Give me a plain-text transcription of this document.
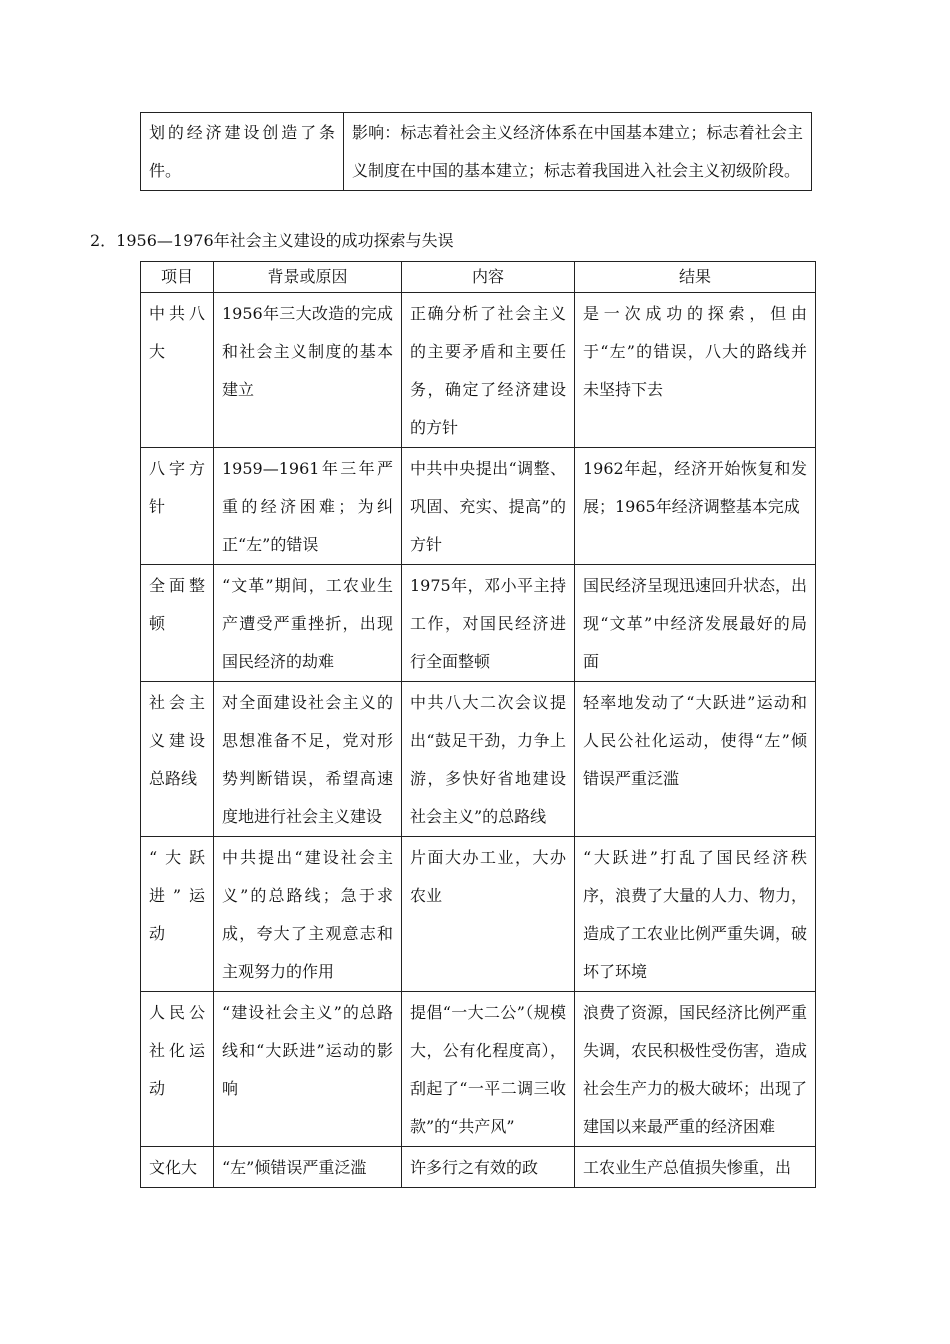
划的经济建设创造了条件。	影响：标志着社会主义经济体系在中国基本建立；标志着社会主义制度在中国的基本建立；标志着我国进入社会主义初级阶段。
2．1956—1976年社会主义建设的成功探索与失误
项目	背景或原因	内容	结果
中共八大	1956年三大改造的完成和社会主义制度的基本建立	正确分析了社会主义的主要矛盾和主要任务，确定了经济建设的方针	是一次成功的探索，但由于“左”的错误，八大的路线并未坚持下去
八字方针	1959—1961年三年严重的经济困难；为纠正“左”的错误	中共中央提出“调整、巩固、充实、提高”的方针	1962年起，经济开始恢复和发展；1965年经济调整基本完成
全面整顿	“文革”期间，工农业生产遭受严重挫折，出现国民经济的劫难	1975年，邓小平主持工作，对国民经济进行全面整顿	国民经济呈现迅速回升状态，出现“文革”中经济发展最好的局面
社会主义建设总路线	对全面建设社会主义的思想准备不足，党对形势判断错误，希望高速度地进行社会主义建设	中共八大二次会议提出“鼓足干劲，力争上游，多快好省地建设社会主义”的总路线	轻率地发动了“大跃进”运动和人民公社化运动，使得“左”倾错误严重泛滥
“大跃进”运动	中共提出“建设社会主义”的总路线；急于求成，夸大了主观意志和主观努力的作用	片面大办工业，大办农业	“大跃进”打乱了国民经济秩序，浪费了大量的人力、物力，造成了工农业比例严重失调，破坏了环境
人民公社化运动	“建设社会主义”的总路线和“大跃进”运动的影响	提倡“一大二公”（规模大，公有化程度高），刮起了“一平二调三收款”的“共产风”	浪费了资源，国民经济比例严重失调，农民积极性受伤害，造成社会生产力的极大破坏；出现了建国以来最严重的经济困难
文化大	“左”倾错误严重泛滥	许多行之有效的政	工农业生产总值损失惨重，出
